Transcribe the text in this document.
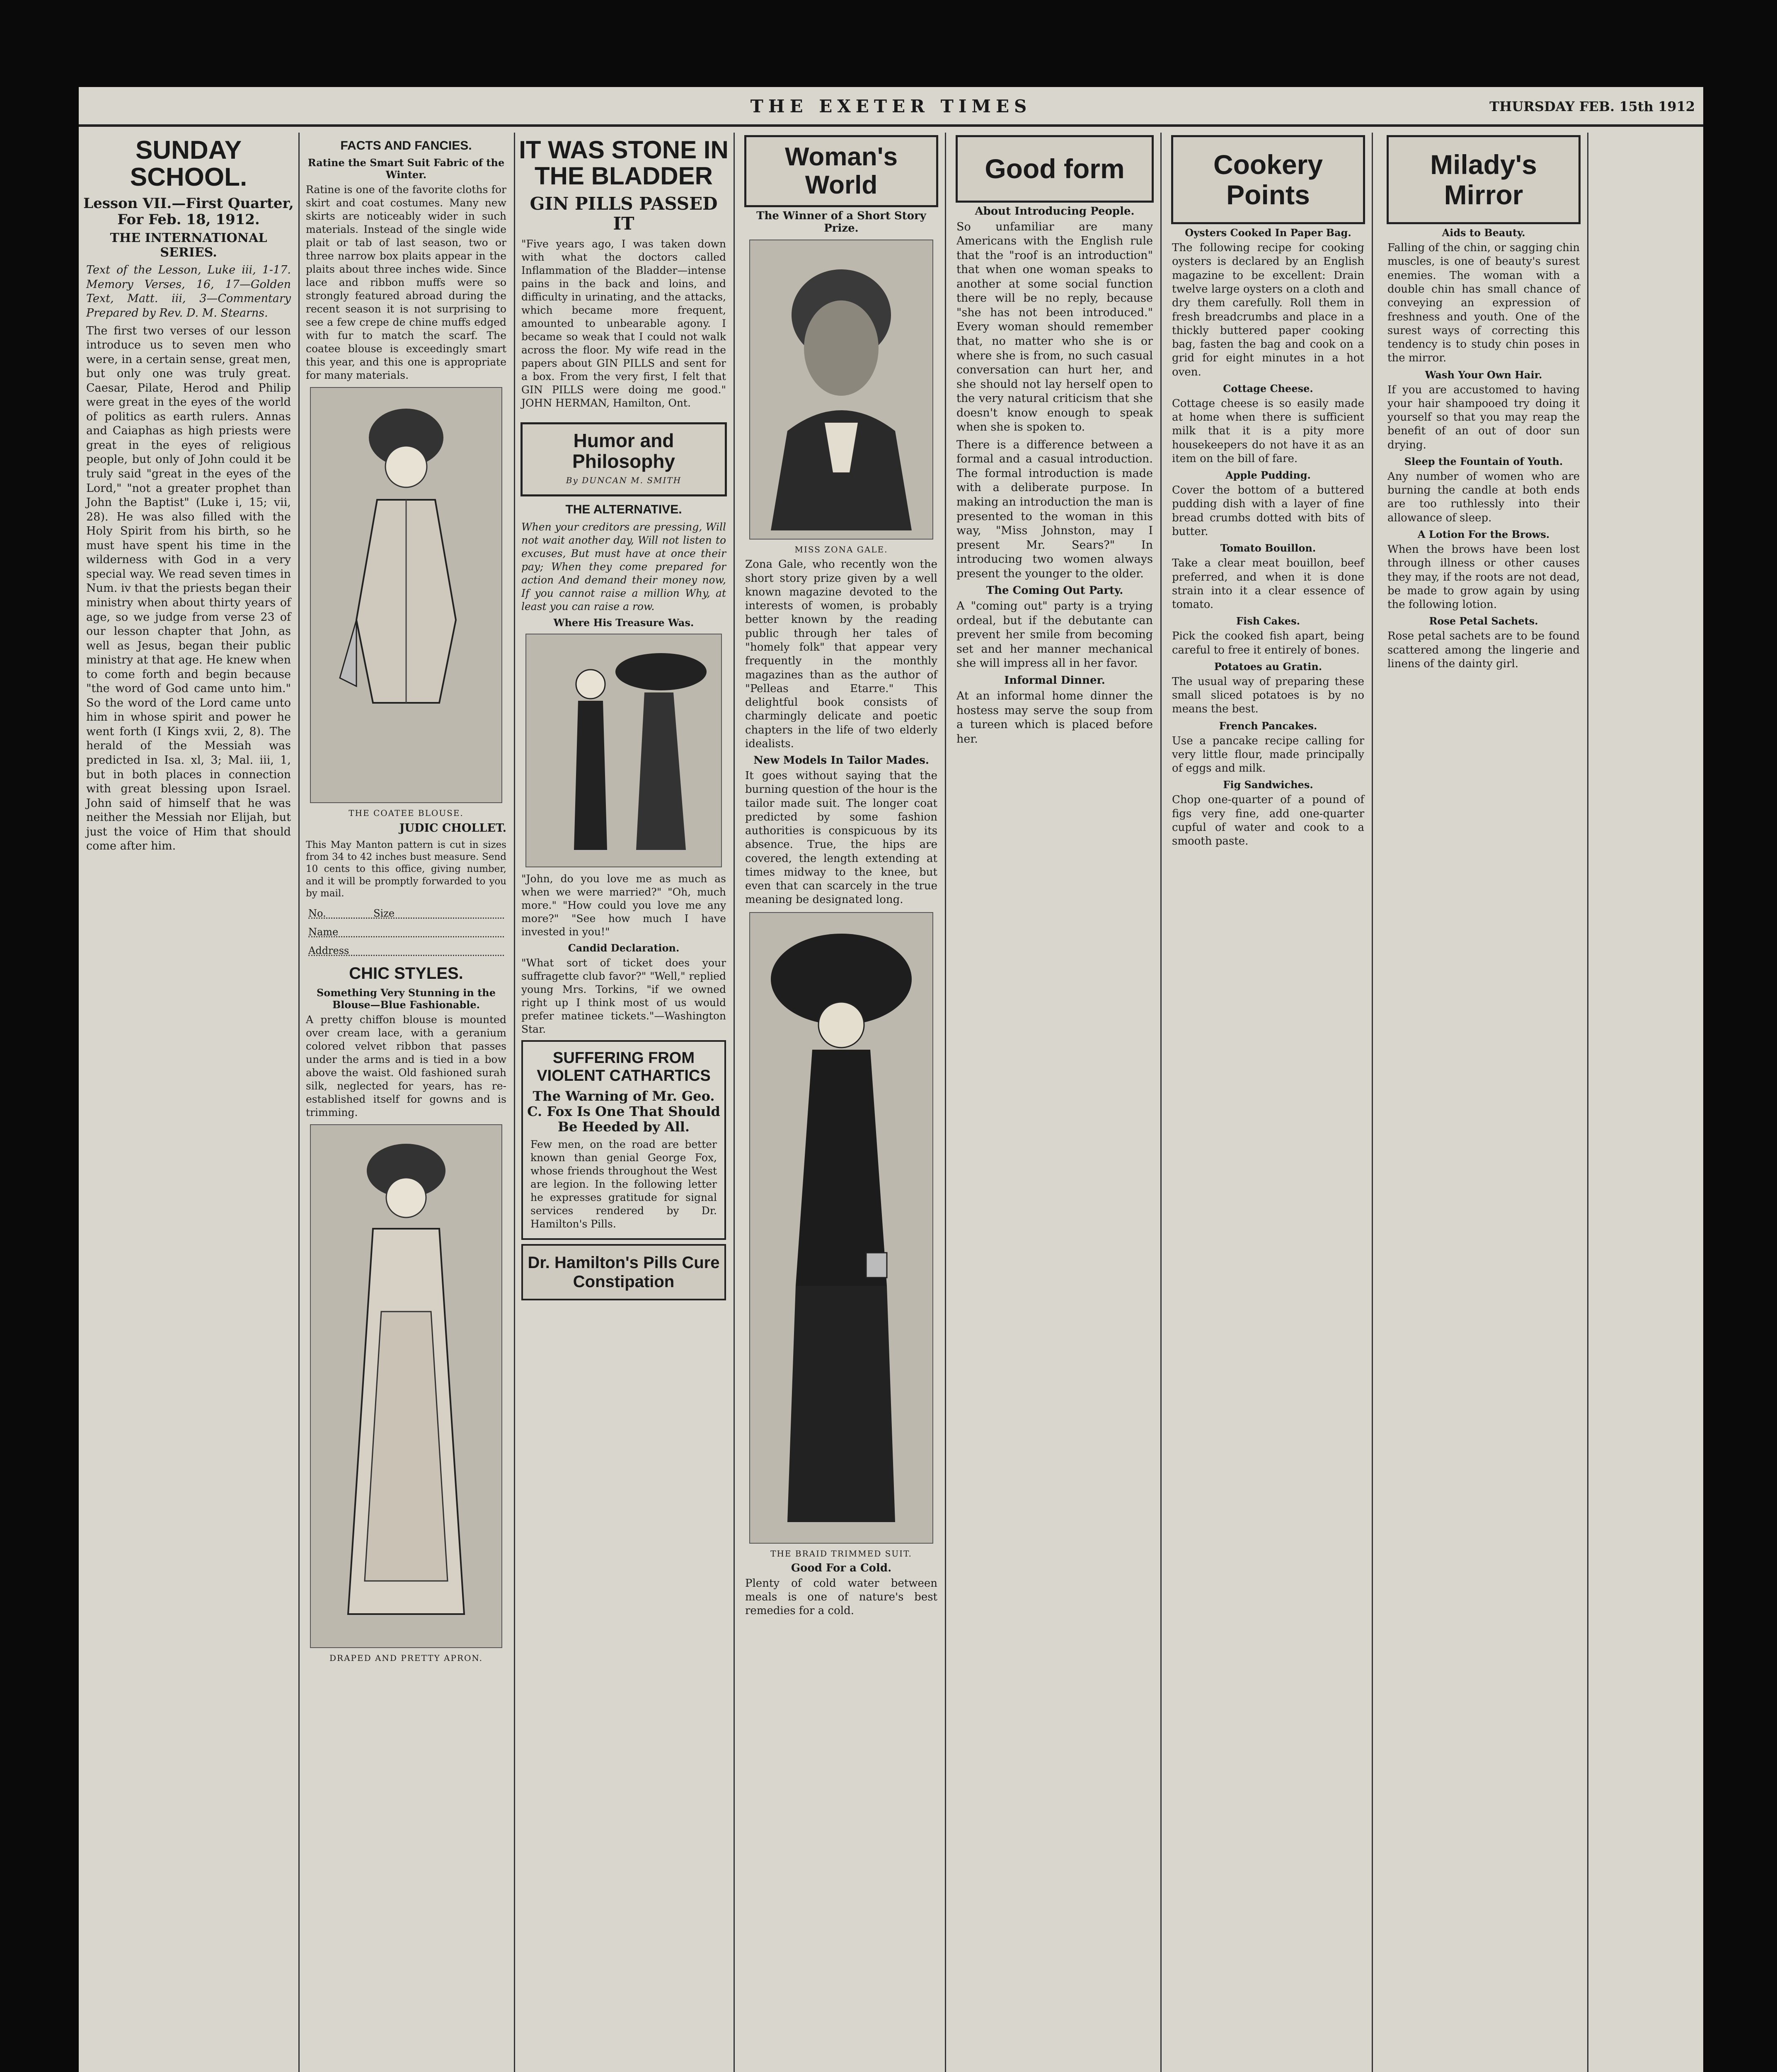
THE EXETER TIMES	THURSDAY FEB. 15th 1912
SUNDAY SCHOOL.
Lesson VII.—First Quarter, For Feb. 18, 1912.
THE INTERNATIONAL SERIES.
Text of the Lesson, Luke iii, 1-17. Memory Verses, 16, 17—Golden Text, Matt. iii, 3—Commentary Prepared by Rev. D. M. Stearns.
The first two verses of our lesson introduce us to seven men who were, in a certain sense, great men, but only one was truly great. Caesar, Pilate, Herod and Philip were great in the eyes of the world of politics as earth rulers. Annas and Caiaphas as high priests were great in the eyes of religious people, but only of John could it be truly said "great in the eyes of the Lord," "not a greater prophet than John the Baptist" (Luke i, 15; vii, 28). He was also filled with the Holy Spirit from his birth, so he must have spent his time in the wilderness with God in a very special way. We read seven times in Num. iv that the priests began their ministry when about thirty years of age, so we judge from verse 23 of our lesson chapter that John, as well as Jesus, began their public ministry at that age. He knew when to come forth and begin because "the word of God came unto him." So the word of the Lord came unto him in whose spirit and power he went forth (I Kings xvii, 2, 8). The herald of the Messiah was predicted in Isa. xl, 3; Mal. iii, 1, but in both places in connection with great blessing upon Israel. John said of himself that he was neither the Messiah nor Elijah, but just the voice of Him that should come after him.
FACTS AND FANCIES.
Ratine the Smart Suit Fabric of the Winter.
Ratine is one of the favorite cloths for skirt and coat costumes. Many new skirts are noticeably wider in such materials. Instead of the single wide plait or tab of last season, two or three narrow box plaits appear in the plaits about three inches wide. Since lace and ribbon muffs were so strongly featured abroad during the recent season it is not surprising to see a few crepe de chine muffs edged with fur to match the scarf. The coatee blouse is exceedingly smart this year, and this one is appropriate for many materials.
THE COATEE BLOUSE.
JUDIC CHOLLET.
This May Manton pattern is cut in sizes from 34 to 42 inches bust measure. Send 10 cents to this office, giving number, and it will be promptly forwarded to you by mail.
No.	Size
Name
Address
CHIC STYLES.
Something Very Stunning in the Blouse—Blue Fashionable.
A pretty chiffon blouse is mounted over cream lace, with a geranium colored velvet ribbon that passes under the arms and is tied in a bow above the waist. Old fashioned surah silk, neglected for years, has re-established itself for gowns and is trimming.
DRAPED AND PRETTY APRON.
IT WAS STONE IN THE BLADDER
GIN PILLS PASSED IT
"Five years ago, I was taken down with what the doctors called Inflammation of the Bladder—intense pains in the back and loins, and difficulty in urinating, and the attacks, which became more frequent, amounted to unbearable agony. I became so weak that I could not walk across the floor. My wife read in the papers about GIN PILLS and sent for a box. From the very first, I felt that GIN PILLS were doing me good." JOHN HERMAN, Hamilton, Ont.
Humor and Philosophy
By DUNCAN M. SMITH
THE ALTERNATIVE.
When your creditors are pressing, Will not wait another day, Will not listen to excuses, But must have at once their pay; When they come prepared for action And demand their money now, If you cannot raise a million Why, at least you can raise a row.
Where His Treasure Was.
"John, do you love me as much as when we were married?" "Oh, much more." "How could you love me any more?" "See how much I have invested in you!"
Candid Declaration.
"What sort of ticket does your suffragette club favor?" "Well," replied young Mrs. Torkins, "if we owned right up I think most of us would prefer matinee tickets."—Washington Star.
SUFFERING FROM VIOLENT CATHARTICS
The Warning of Mr. Geo. C. Fox Is One That Should Be Heeded by All.
Few men, on the road are better known than genial George Fox, whose friends throughout the West are legion. In the following letter he expresses gratitude for signal services rendered by Dr. Hamilton's Pills.
Dr. Hamilton's Pills Cure Constipation
Woman's World
The Winner of a Short Story Prize.
MISS ZONA GALE.
Zona Gale, who recently won the short story prize given by a well known magazine devoted to the interests of women, is probably better known by the reading public through her tales of "homely folk" that appear very frequently in the monthly magazines than as the author of "Pelleas and Etarre." This delightful book consists of charmingly delicate and poetic chapters in the life of two elderly idealists.
New Models In Tailor Mades.
It goes without saying that the burning question of the hour is the tailor made suit. The longer coat predicted by some fashion authorities is conspicuous by its absence. True, the hips are covered, the length extending at times midway to the knee, but even that can scarcely in the true meaning be designated long.
THE BRAID TRIMMED SUIT.
Good For a Cold.
Plenty of cold water between meals is one of nature's best remedies for a cold.
Good form
About Introducing People.
So unfamiliar are many Americans with the English rule that the "roof is an introduction" that when one woman speaks to another at some social function there will be no reply, because "she has not been introduced." Every woman should remember that, no matter who she is or where she is from, no such casual conversation can hurt her, and she should not lay herself open to the very natural criticism that she doesn't know enough to speak when she is spoken to.
There is a difference between a formal and a casual introduction. The formal introduction is made with a deliberate purpose. In making an introduction the man is presented to the woman in this way, "Miss Johnston, may I present Mr. Sears?" In introducing two women always present the younger to the older.
The Coming Out Party.
A "coming out" party is a trying ordeal, but if the debutante can prevent her smile from becoming set and her manner mechanical she will impress all in her favor.
Informal Dinner.
At an informal home dinner the hostess may serve the soup from a tureen which is placed before her.
Cookery Points
Oysters Cooked In Paper Bag.
The following recipe for cooking oysters is declared by an English magazine to be excellent: Drain twelve large oysters on a cloth and dry them carefully. Roll them in fresh breadcrumbs and place in a thickly buttered paper cooking bag, fasten the bag and cook on a grid for eight minutes in a hot oven.
Cottage Cheese.
Cottage cheese is so easily made at home when there is sufficient milk that it is a pity more housekeepers do not have it as an item on the bill of fare.
Apple Pudding.
Cover the bottom of a buttered pudding dish with a layer of fine bread crumbs dotted with bits of butter.
Tomato Bouillon.
Take a clear meat bouillon, beef preferred, and when it is done strain into it a clear essence of tomato.
Fish Cakes.
Pick the cooked fish apart, being careful to free it entirely of bones.
Potatoes au Gratin.
The usual way of preparing these small sliced potatoes is by no means the best.
French Pancakes.
Use a pancake recipe calling for very little flour, made principally of eggs and milk.
Fig Sandwiches.
Chop one-quarter of a pound of figs very fine, add one-quarter cupful of water and cook to a smooth paste.
Milady's Mirror
Aids to Beauty.
Falling of the chin, or sagging chin muscles, is one of beauty's surest enemies. The woman with a double chin has small chance of conveying an expression of freshness and youth. One of the surest ways of correcting this tendency is to study chin poses in the mirror.
Wash Your Own Hair.
If you are accustomed to having your hair shampooed try doing it yourself so that you may reap the benefit of an out of door sun drying.
Sleep the Fountain of Youth.
Any number of women who are burning the candle at both ends are too ruthlessly into their allowance of sleep.
A Lotion For the Brows.
When the brows have been lost through illness or other causes they may, if the roots are not dead, be made to grow again by using the following lotion.
Rose Petal Sachets.
Rose petal sachets are to be found scattered among the lingerie and linens of the dainty girl.
